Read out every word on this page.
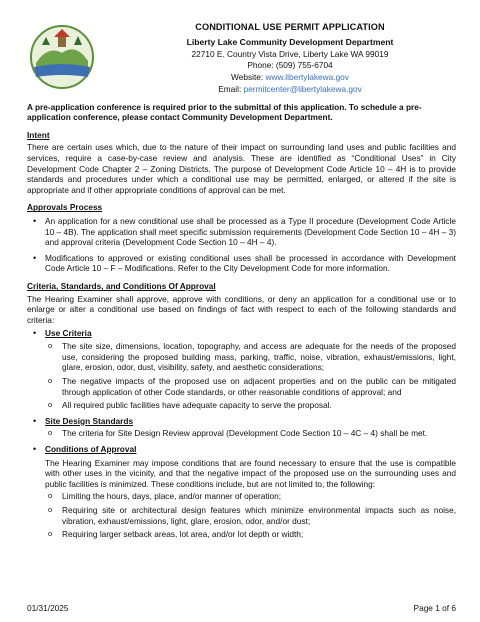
CONDITIONAL USE PERMIT APPLICATION
Liberty Lake Community Development Department
22710 E. Country Vista Drive, Liberty Lake WA 99019
Phone: (509) 755-6704
Website: www.libertylakewa.gov
Email: permitcenter@libertylakewa.gov

A pre-application conference is required prior to the submittal of this application. To schedule a pre-application conference, please contact Community Development Department.

Intent

There are certain uses which, due to the nature of their impact on surrounding land uses and public facilities and services, require a case-by-case review and analysis. These are identified as “Conditional Uses” in City Development Code Chapter 2 – Zoning Districts. The purpose of Development Code Article 10 – 4H is to provide standards and procedures under which a conditional use may be permitted, enlarged, or altered if the site is appropriate and if other appropriate conditions of approval can be met.

Approvals Process
• An application for a new conditional use shall be processed as a Type II procedure (Development Code Article 10 – 4B). The application shall meet specific submission requirements (Development Code Section 10 – 4H – 3) and approval criteria (Development Code Section 10 – 4H – 4).
• Modifications to approved or existing conditional uses shall be processed in accordance with Development Code Article 10 – F – Modifications. Refer to the City Development Code for more information.
Criteria, Standards, and Conditions Of Approval

The Hearing Examiner shall approve, approve with conditions, or deny an application for a conditional use or to enlarge or alter a conditional use based on findings of fact with respect to each of the following standards and criteria:

• Use Criteria
o The site size, dimensions, location, topography, and access are adequate for the needs of the proposed use, considering the proposed building mass, parking, traffic, noise, vibration, exhaust/emissions, light, glare, erosion, odor, dust, visibility, safety, and aesthetic considerations;
o The negative impacts of the proposed use on adjacent properties and on the public can be mitigated through application of other Code standards, or other reasonable conditions of approval; and
o All required public facilities have adequate capacity to serve the proposal.
• Site Design Standards
o The criteria for Site Design Review approval (Development Code Section 10 – 4C – 4) shall be met.
• Conditions of Approval

The Hearing Examiner may impose conditions that are found necessary to ensure that the use is compatible with other uses in the vicinity, and that the negative impact of the proposed use on the surrounding uses and public facilities is minimized. These conditions include, but are not limited to, the following:

o Limiting the hours, days, place, and/or manner of operation;
o Requiring site or architectural design features which minimize environmental impacts such as noise, vibration, exhaust/emissions, light, glare, erosion, odor, and/or dust;
o Requiring larger setback areas, lot area, and/or lot depth or width;
01/31/2025	Page 1 of 6
